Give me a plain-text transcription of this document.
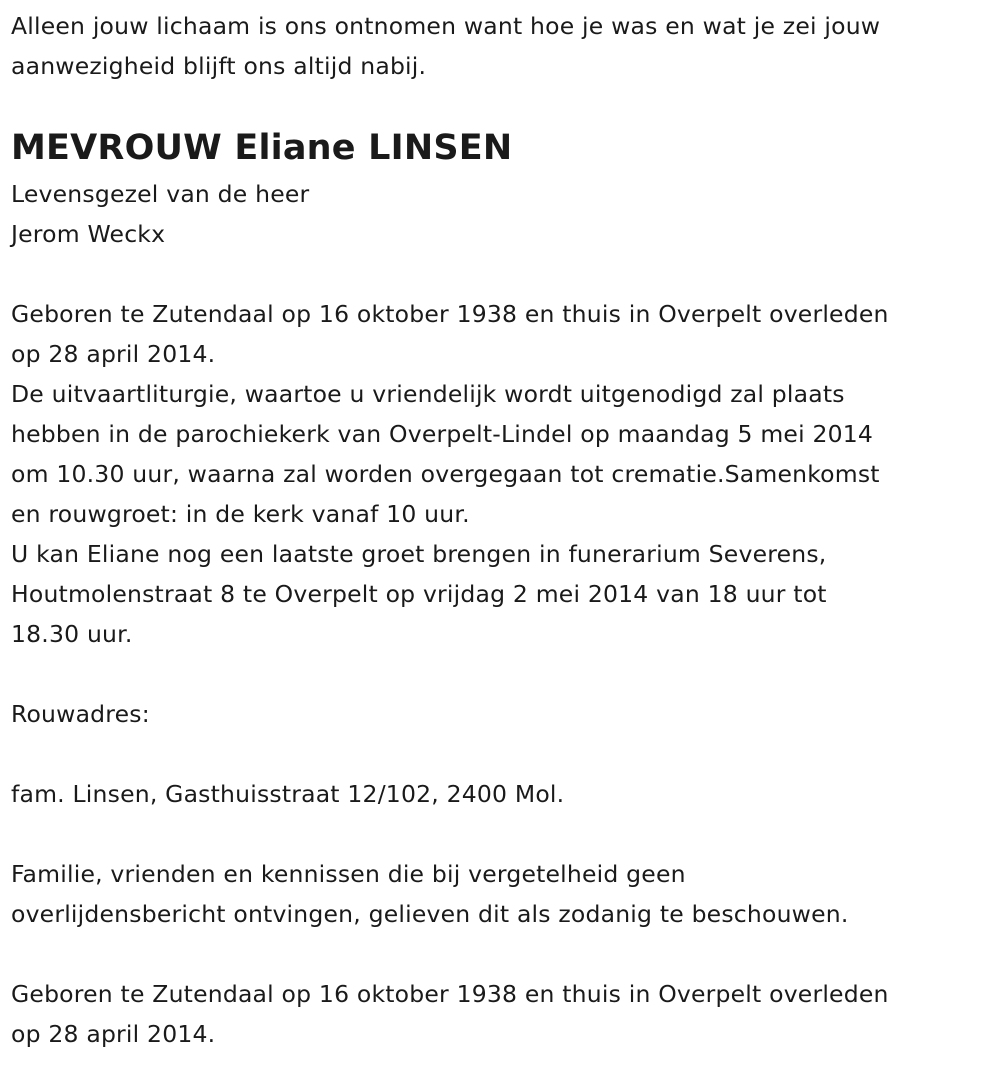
Alleen jouw lichaam is ons ontnomen want hoe je was en wat je zei jouw
aanwezigheid blijft ons altijd nabij.
MEVROUW Eliane LINSEN
Levensgezel van de heer
Jerom Weckx
Geboren te Zutendaal op 16 oktober 1938 en thuis in Overpelt overleden
op 28 april 2014.
De uitvaartliturgie, waartoe u vriendelijk wordt uitgenodigd zal plaats
hebben in de parochiekerk van Overpelt-Lindel op maandag 5 mei 2014
om 10.30 uur, waarna zal worden overgegaan tot crematie.Samenkomst
en rouwgroet: in de kerk vanaf 10 uur.
U kan Eliane nog een laatste groet brengen in funerarium Severens,
Houtmolenstraat 8 te Overpelt op vrijdag 2 mei 2014 van 18 uur tot
18.30 uur.
Rouwadres:
fam. Linsen, Gasthuisstraat 12/102, 2400 Mol.
Familie, vrienden en kennissen die bij vergetelheid geen
overlijdensbericht ontvingen, gelieven dit als zodanig te beschouwen.
Geboren te Zutendaal op 16 oktober 1938 en thuis in Overpelt overleden
op 28 april 2014.
